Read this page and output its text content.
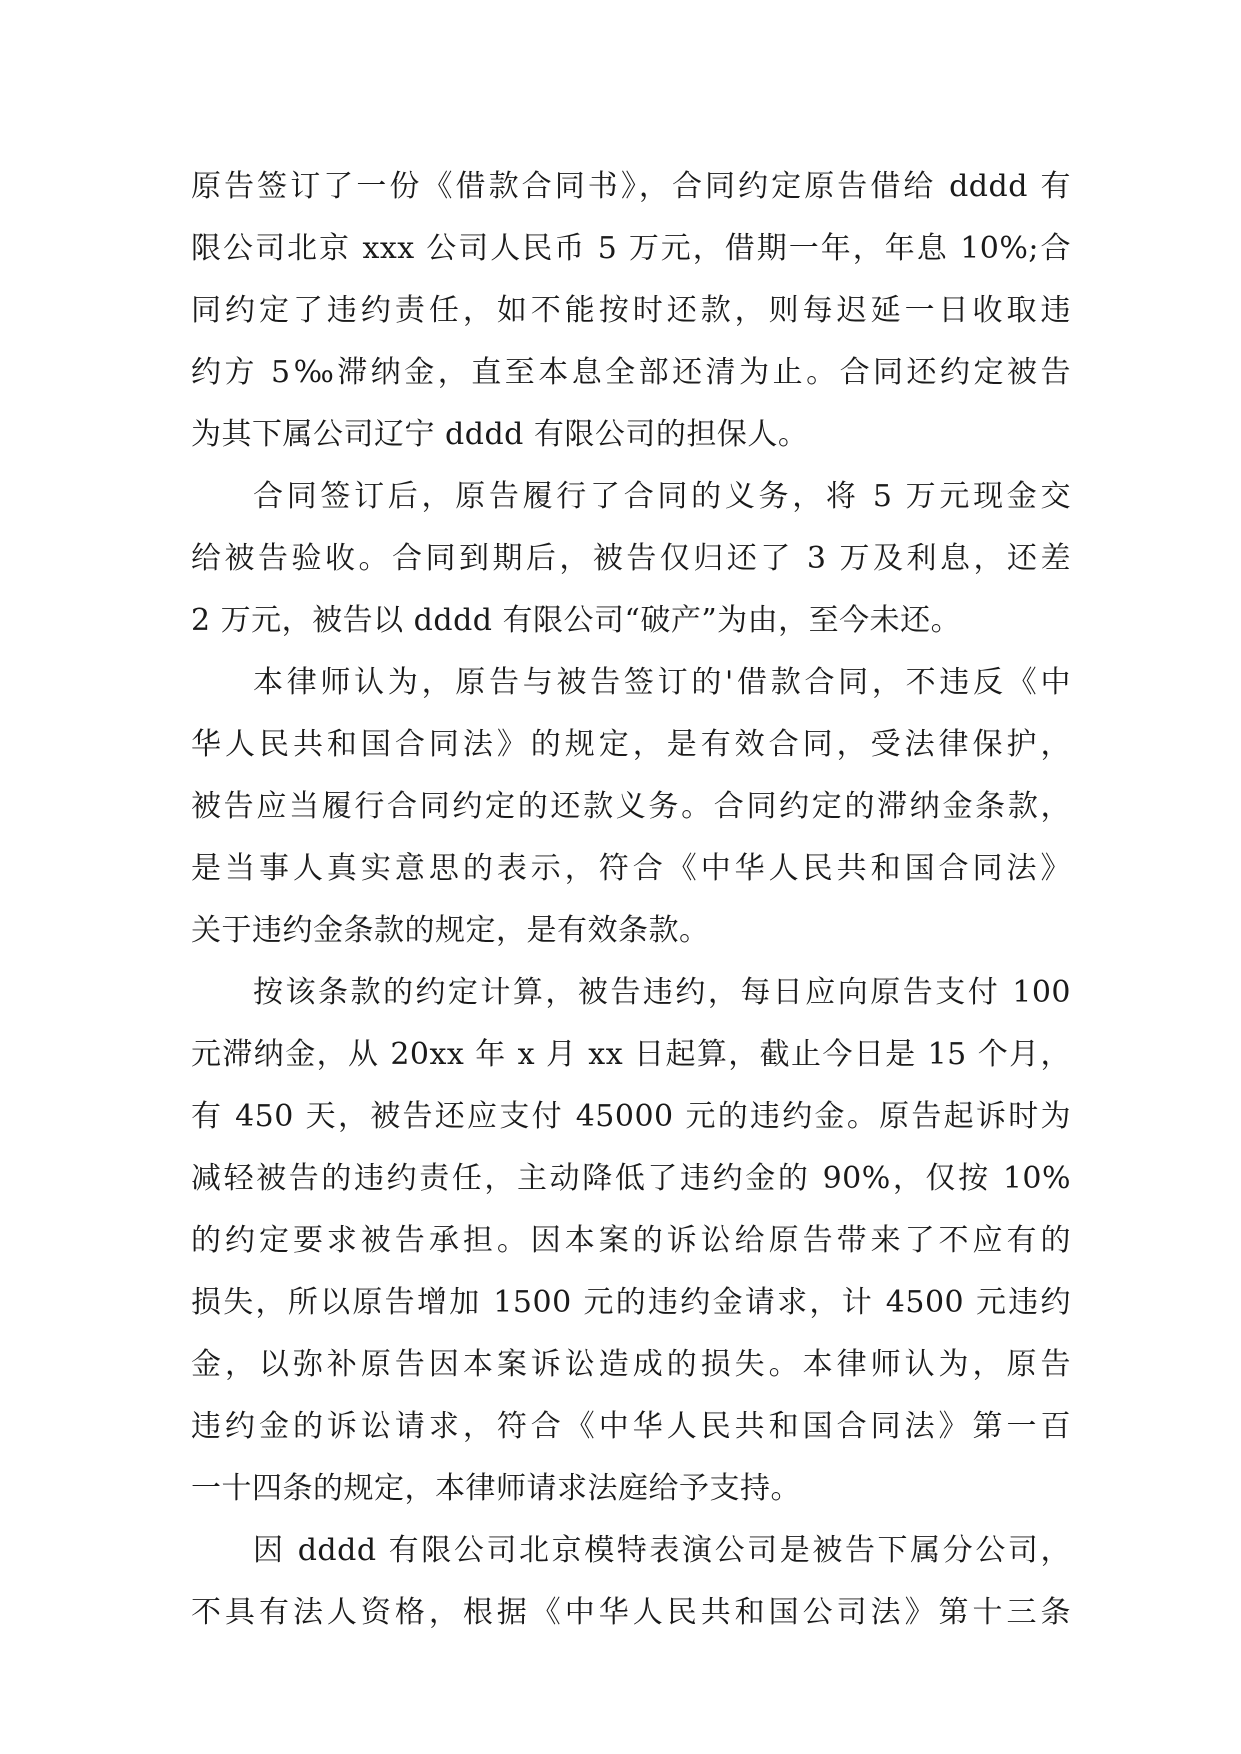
原告签订了一份《借款合同书》，合同约定原告借给 dddd 有
限公司北京 xxx 公司人民币 5 万元，借期一年，年息 10%;合
同约定了违约责任，如不能按时还款，则每迟延一日收取违
约方 5‰滞纳金，直至本息全部还清为止。合同还约定被告
为其下属公司辽宁 dddd 有限公司的担保人。
合同签订后，原告履行了合同的义务，将 5 万元现金交
给被告验收。合同到期后，被告仅归还了 3 万及利息，还差
2 万元，被告以 dddd 有限公司“破产”为由，至今未还。
本律师认为，原告与被告签订的'借款合同，不违反《中
华人民共和国合同法》的规定，是有效合同，受法律保护，
被告应当履行合同约定的还款义务。合同约定的滞纳金条款，
是当事人真实意思的表示，符合《中华人民共和国合同法》
关于违约金条款的规定，是有效条款。
按该条款的约定计算，被告违约，每日应向原告支付 100
元滞纳金，从 20xx 年 x 月 xx 日起算，截止今日是 15 个月，
有 450 天，被告还应支付 45000 元的违约金。原告起诉时为
减轻被告的违约责任，主动降低了违约金的 90%，仅按 10%
的约定要求被告承担。因本案的诉讼给原告带来了不应有的
损失，所以原告增加 1500 元的违约金请求，计 4500 元违约
金，以弥补原告因本案诉讼造成的损失。本律师认为，原告
违约金的诉讼请求，符合《中华人民共和国合同法》第一百
一十四条的规定，本律师请求法庭给予支持。
因 dddd 有限公司北京模特表演公司是被告下属分公司，
不具有法人资格，根据《中华人民共和国公司法》第十三条
